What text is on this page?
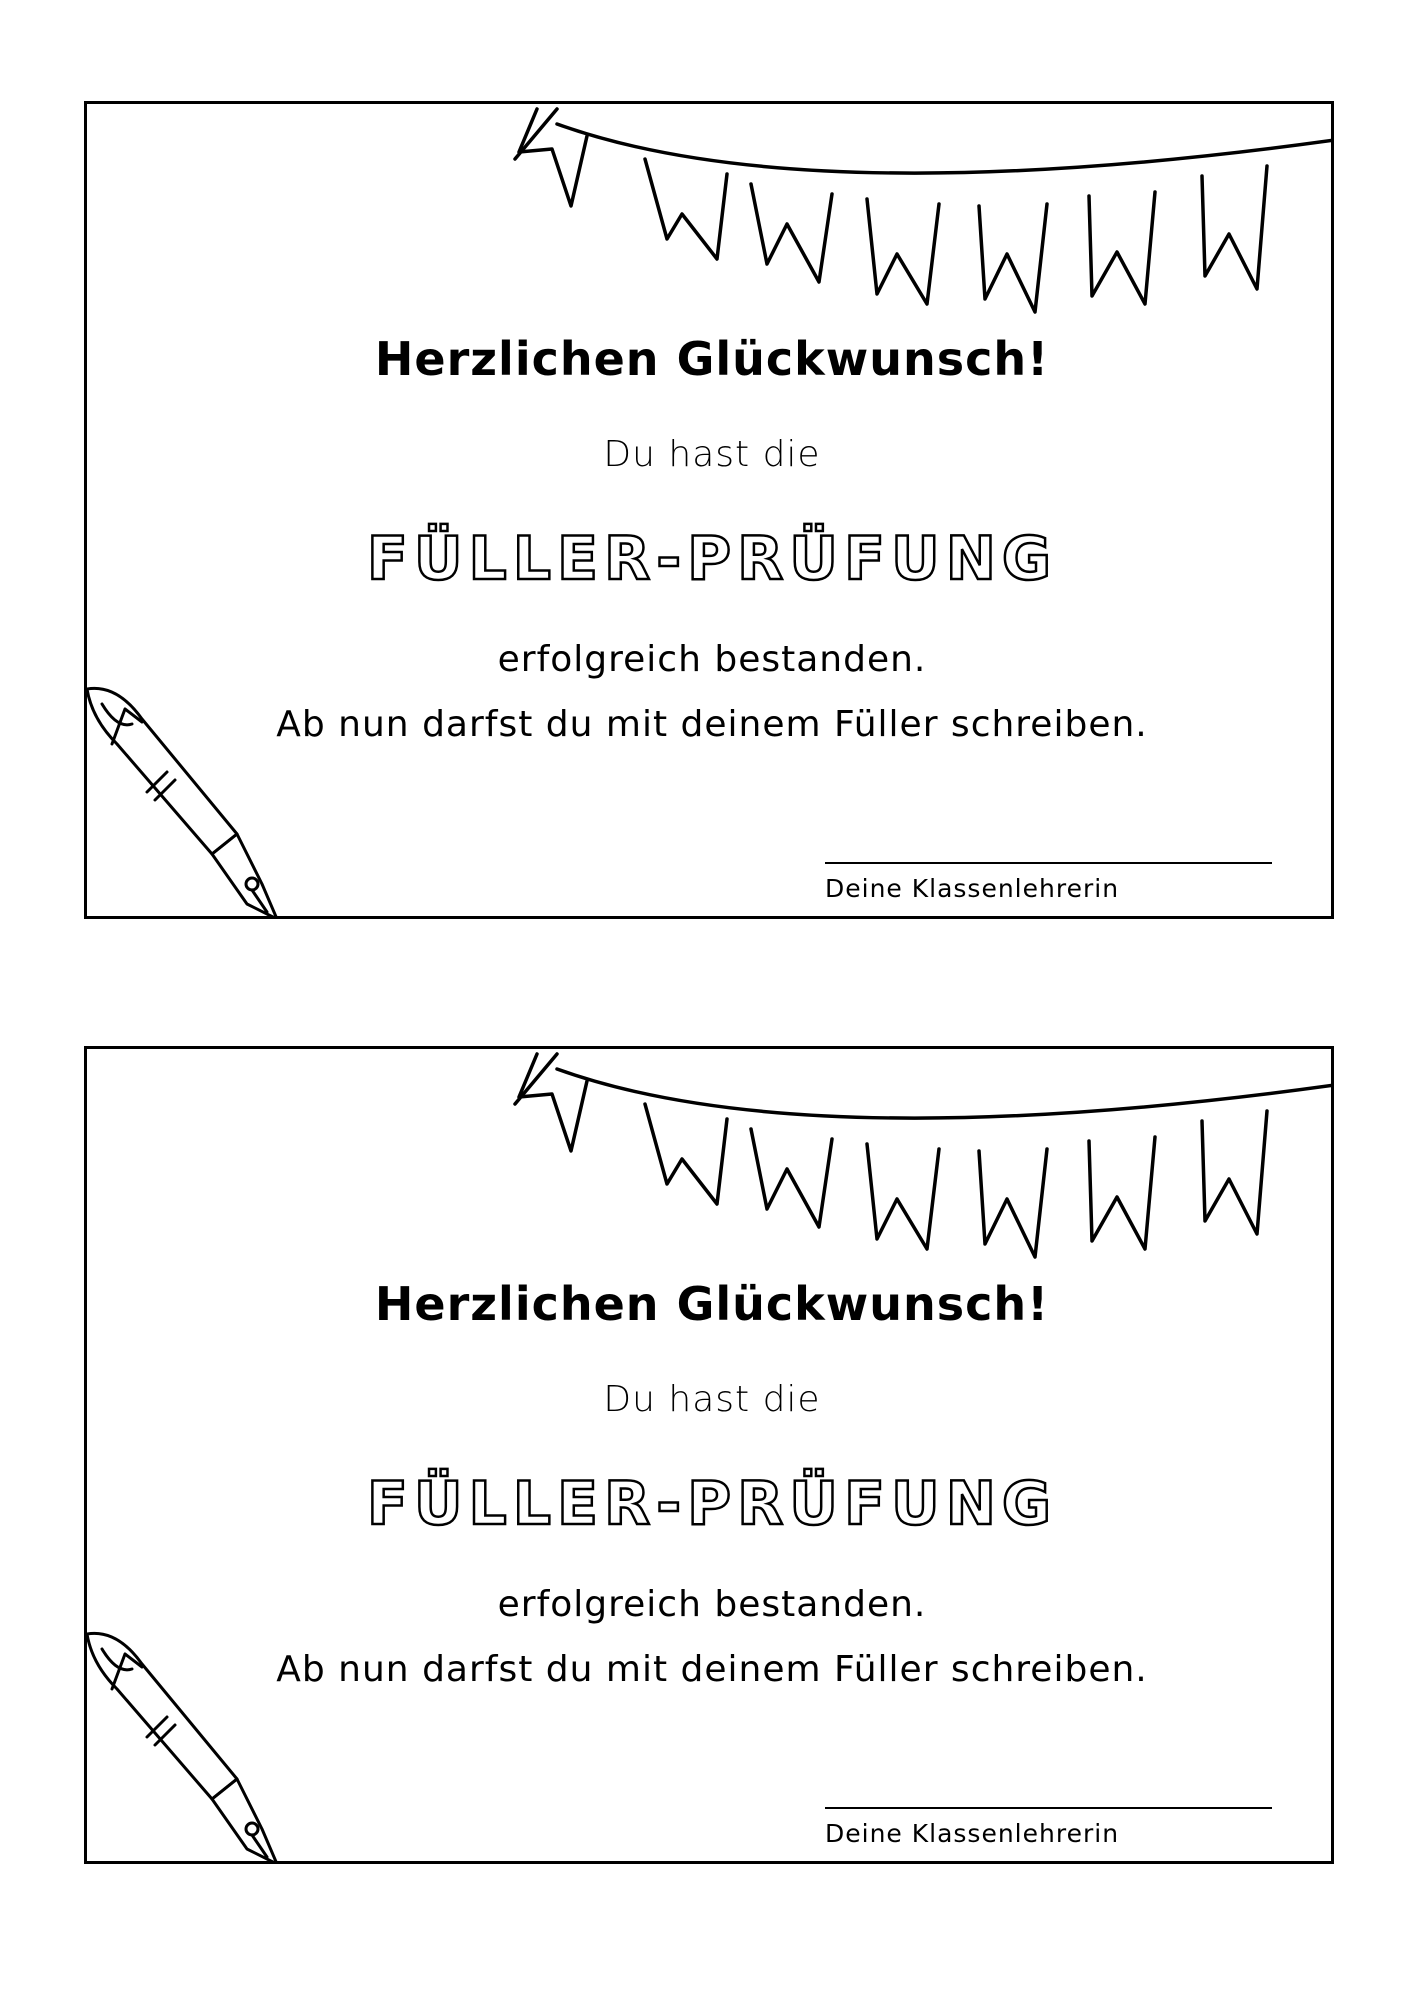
Herzlichen Glückwunsch!
Du hast die
FÜLLER-PRÜFUNG
erfolgreich bestanden.
Ab nun darfst du mit deinem Füller schreiben.
Deine Klassenlehrerin
Herzlichen Glückwunsch!
Du hast die
FÜLLER-PRÜFUNG
erfolgreich bestanden.
Ab nun darfst du mit deinem Füller schreiben.
Deine Klassenlehrerin
